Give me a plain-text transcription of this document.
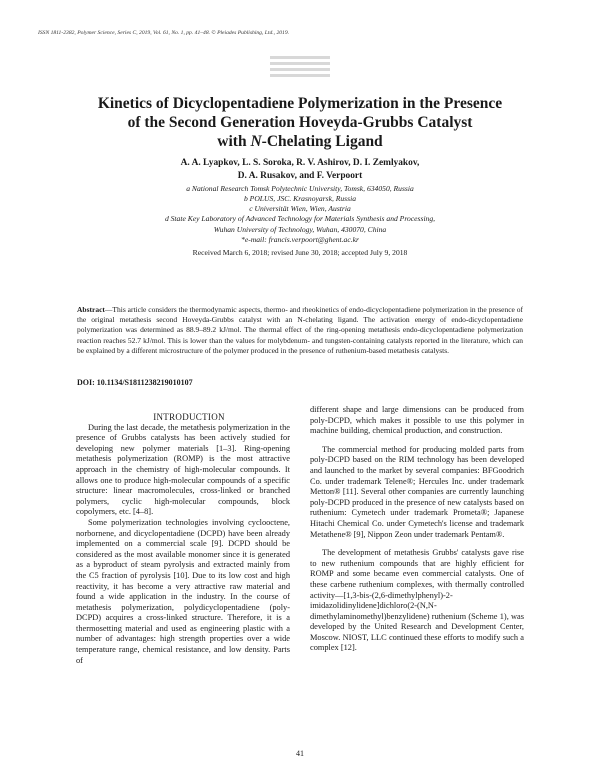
ISSN 1811-2382, Polymer Science, Series C, 2019, Vol. 61, No. 1, pp. 41–48. © Pleiades Publishing, Ltd., 2019.
Kinetics of Dicyclopentadiene Polymerization in the Presence
of the Second Generation Hoveyda-Grubbs Catalyst
with N-Chelating Ligand
A. A. Lyapkov, L. S. Soroka, R. V. Ashirov, D. I. Zemlyakov,
D. A. Rusakov, and F. Verpoort
a National Research Tomsk Polytechnic University, Tomsk, 634050, Russia
b POLUS, JSC. Krasnoyarsk, Russia
c Universität Wien, Wien, Austria
d State Key Laboratory of Advanced Technology for Materials Synthesis and Processing,
Wuhan University of Technology, Wuhan, 430070, China
*e-mail: francis.verpoort@ghent.ac.kr
Received March 6, 2018; revised June 30, 2018; accepted July 9, 2018
Abstract—This article considers the thermodynamic aspects, thermo- and rheokinetics of endo-dicyclopentadiene polymerization in the presence of the original metathesis second Hoveyda-Grubbs catalyst with an N-chelating ligand. The activation energy of endo-dicyclopentadiene polymerization was determined as 88.9–89.2 kJ/mol. The thermal effect of the ring-opening metathesis endo-dicyclopentadiene polymerization reaction reaches 52.7 kJ/mol. This is lower than the values for molybdenum- and tungsten-containing catalysts reported in the literature, which can be explained by a different microstructure of the polymer produced in the presence of ruthenium-based metathesis catalysts.
DOI: 10.1134/S1811238219010107

INTRODUCTION

During the last decade, the metathesis polymerization in the presence of Grubbs catalysts has been actively studied for developing new polymer materials [1–3]. Ring-opening metathesis polymerization (ROMP) is the most attractive approach in the chemistry of high-molecular compounds. It allows one to produce high-molecular compounds of a specific structure: linear macromolecules, cross-linked or branched polymers, cyclic high-molecular compounds, block copolymers, etc. [4–8].

Some polymerization technologies involving cyclooctene, norbornene, and dicyclopentadiene (DCPD) have been already implemented on a commercial scale [9]. DCPD should be considered as the most available monomer since it is generated as a byproduct of steam pyrolysis and extracted mainly from the C5 fraction of pyrolysis [10]. Due to its low cost and high reactivity, it has become a very attractive raw material and found a wide application in the industry. In the course of metathesis polymerization, polydicyclopentadiene (poly-DCPD) acquires a cross-linked structure. Therefore, it is a thermosetting material and used as engineering plastic with a number of advantages: high strength properties over a wide temperature range, chemical resistance, and low density. Parts of

different shape and large dimensions can be produced from poly-DCPD, which makes it possible to use this polymer in machine building, chemical production, and construction.

The commercial method for producing molded parts from poly-DCPD based on the RIM technology has been developed and launched to the market by several companies: BFGoodrich Co. under trademark Telene®; Hercules Inc. under trademark Metton® [11]. Several other companies are currently launching poly-DCPD produced in the presence of new catalysts based on ruthenium: Cymetech under trademark Prometa®; Japanese Hitachi Chemical Co. under Cymetech's license and trademark Metathene® [9], Nippon Zeon under trademark Pentam®.

The development of metathesis Grubbs' catalysts gave rise to new ruthenium compounds that are highly efficient for ROMP and some became even commercial catalysts. One of these carbene ruthenium complexes, with thermally controlled activity—[1,3-bis-(2,6-dimethylphenyl)-2-imidazolidinylidene]dichloro(2-(N,N-dimethylaminomethyl)benzylidene) ruthenium (Scheme 1), was developed by the United Research and Development Center, Moscow. NIOST, LLC continued these efforts to modify such a complex [12].

41
